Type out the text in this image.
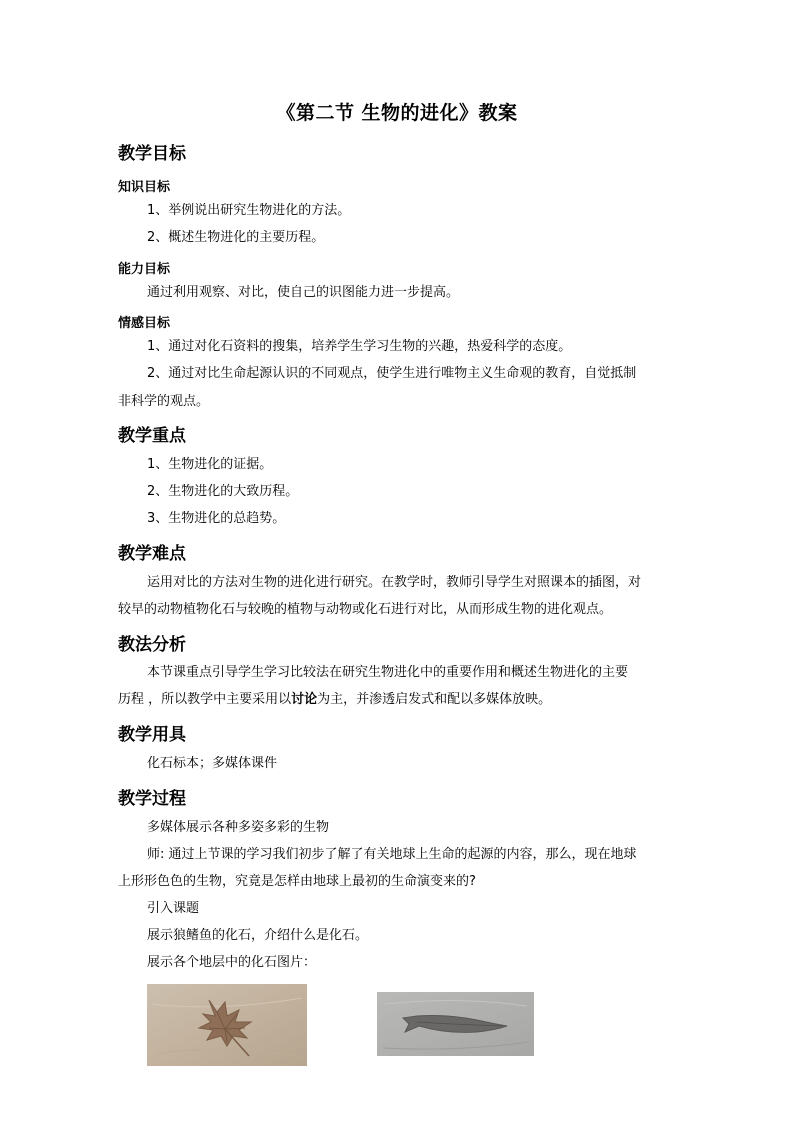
《第二节 生物的进化》教案
教学目标
知识目标
1、举例说出研究生物进化的方法。
2、概述生物进化的主要历程。
能力目标
通过利用观察、对比，使自己的识图能力进一步提高。
情感目标
1、通过对化石资料的搜集，培养学生学习生物的兴趣，热爱科学的态度。
2、通过对比生命起源认识的不同观点，使学生进行唯物主义生命观的教育，自觉抵制
非科学的观点。
教学重点
1、生物进化的证据。
2、生物进化的大致历程。
3、生物进化的总趋势。
教学难点
运用对比的方法对生物的进化进行研究。在教学时，教师引导学生对照课本的插图，对
较早的动物植物化石与较晚的植物与动物或化石进行对比，从而形成生物的进化观点。
教法分析
本节课重点引导学生学习比较法在研究生物进化中的重要作用和概述生物进化的主要
历程 ，所以教学中主要采用以讨论为主，并渗透启发式和配以多媒体放映。
教学用具
化石标本；多媒体课件
教学过程
多媒体展示各种多姿多彩的生物
师: 通过上节课的学习我们初步了解了有关地球上生命的起源的内容，那么，现在地球
上形形色色的生物，究竟是怎样由地球上最初的生命演变来的?
引入课题
展示狼鳍鱼的化石，介绍什么是化石。
展示各个地层中的化石图片：
